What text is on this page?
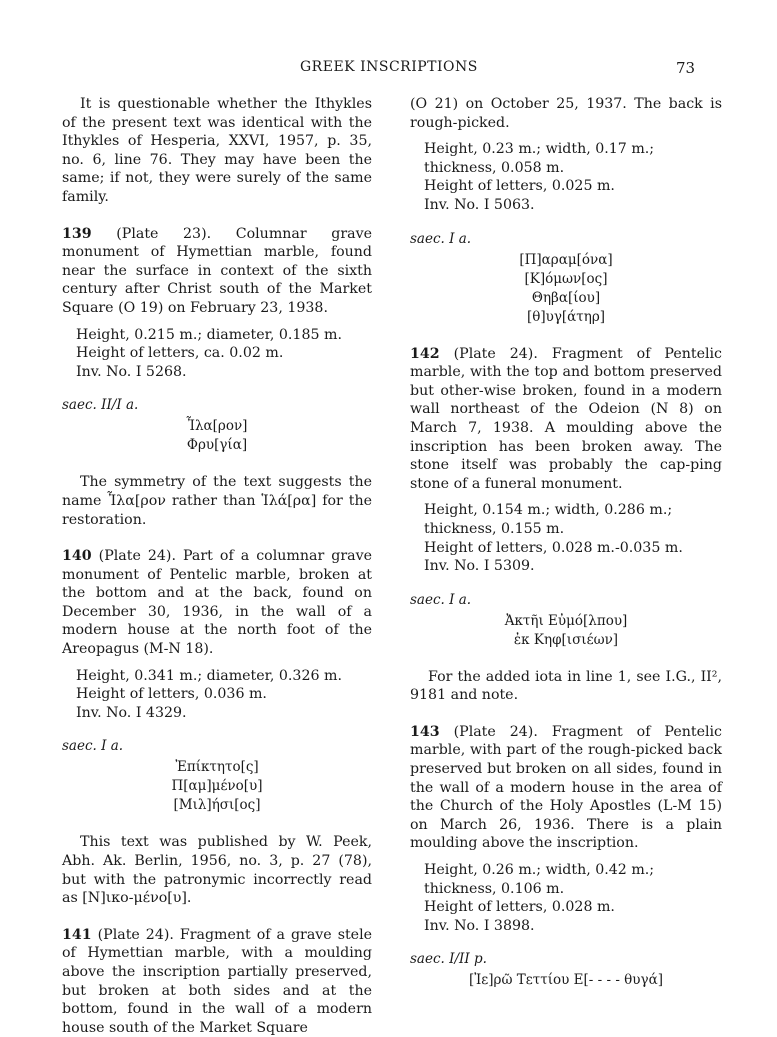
GREEK INSCRIPTIONS	73

It is questionable whether the Ithykles of the present text was identical with the Ithykles of Hesperia, XXVI, 1957, p. 35, no. 6, line 76. They may have been the same; if not, they were surely of the same family.

139 (Plate 23). Columnar grave monument of Hymettian marble, found near the surface in context of the sixth century after Christ south of the Market Square (O 19) on February 23, 1938.

Height, 0.215 m.; diameter, 0.185 m.
Height of letters, ca. 0.02 m.
Inv. No. I 5268.
saec. II/I a.
Ἶλα[ρον]
Φρυ[γία]

The symmetry of the text suggests the name Ἶλα[ρον rather than Ἱλά[ρα] for the restoration.

140 (Plate 24). Part of a columnar grave monument of Pentelic marble, broken at the bottom and at the back, found on December 30, 1936, in the wall of a modern house at the north foot of the Areopagus (M-N 18).

Height, 0.341 m.; diameter, 0.326 m.
Height of letters, 0.036 m.
Inv. No. I 4329.
saec. I a.
Ἐπίκτητο[ς]
Π[αμ]μένο[υ]
[Μιλ]ήσι[ος]

This text was published by W. Peek, Abh. Ak. Berlin, 1956, no. 3, p. 27 (78), but with the patronymic incorrectly read as [N]ικο-μένο[υ].

141 (Plate 24). Fragment of a grave stele of Hymettian marble, with a moulding above the inscription partially preserved, but broken at both sides and at the bottom, found in the wall of a modern house south of the Market Square

(O 21) on October 25, 1937. The back is rough-picked.

Height, 0.23 m.; width, 0.17 m.; thickness, 0.058 m.
Height of letters, 0.025 m.
Inv. No. I 5063.
saec. I a.
[Π]αραμ[όνα]
[Κ]όμων[ος]
Θηβα[ίου]
[θ]υγ[άτηρ]

142 (Plate 24). Fragment of Pentelic marble, with the top and bottom preserved but other-wise broken, found in a modern wall northeast of the Odeion (N 8) on March 7, 1938. A moulding above the inscription has been broken away. The stone itself was probably the cap-ping stone of a funeral monument.

Height, 0.154 m.; width, 0.286 m.; thickness, 0.155 m.
Height of letters, 0.028 m.-0.035 m.
Inv. No. I 5309.
saec. I a.
Ἀκτῆι Εὐμό[λπου]
ἐκ Κηφ[ισιέων]

For the added iota in line 1, see I.G., II², 9181 and note.

143 (Plate 24). Fragment of Pentelic marble, with part of the rough-picked back preserved but broken on all sides, found in the wall of a modern house in the area of the Church of the Holy Apostles (L-M 15) on March 26, 1936. There is a plain moulding above the inscription.

Height, 0.26 m.; width, 0.42 m.; thickness, 0.106 m.
Height of letters, 0.028 m.
Inv. No. I 3898.
saec. I/II p.
[Ἰε]ρῶ Τεττίου Ε[- - - - θυγά]
